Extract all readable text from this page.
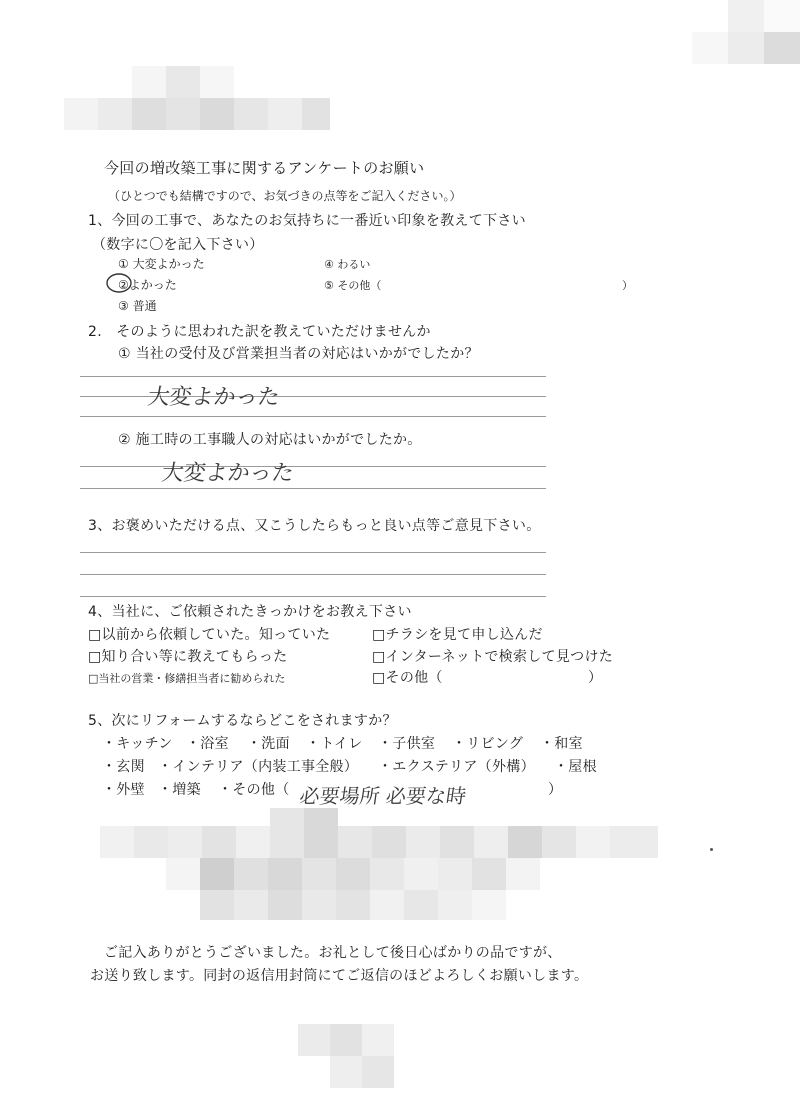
今回の増改築工事に関するアンケートのお願い
（ひとつでも結構ですので、お気づきの点等をご記入ください。）
1、今回の工事で、あなたのお気持ちに一番近い印象を教えて下さい
（数字に〇を記入下さい）
① 大変よかった
②よかった
③ 普通
④ わるい
⑤ その他（	）
2.　そのように思われた訳を教えていただけませんか
① 当社の受付及び営業担当者の対応はいかがでしたか？
大変よかった
② 施工時の工事職人の対応はいかがでしたか。
大変よかった
3、お褒めいただける点、又こうしたらもっと良い点等ご意見下さい。
4、当社に、ご依頼されたきっかけをお教え下さい
□以前から依頼していた。知っていた	□チラシを見て申し込んだ
□知り合い等に教えてもらった	□インターネットで検索して見つけた
□当社の営業・修繕担当者に勧められた	□その他（	）
5、次にリフォームするならどこをされますか？
・キッチン ・浴室 ・洗面 ・トイレ ・子供室 ・リビング ・和室
・玄関 ・インテリア（内装工事全般） ・エクステリア（外構） ・屋根
・外壁 ・増築 ・その他（ 必要場所 必要な時	）
ご記入ありがとうございました。お礼として後日心ばかりの品ですが、
お送り致します。同封の返信用封筒にてご返信のほどよろしくお願いします。
